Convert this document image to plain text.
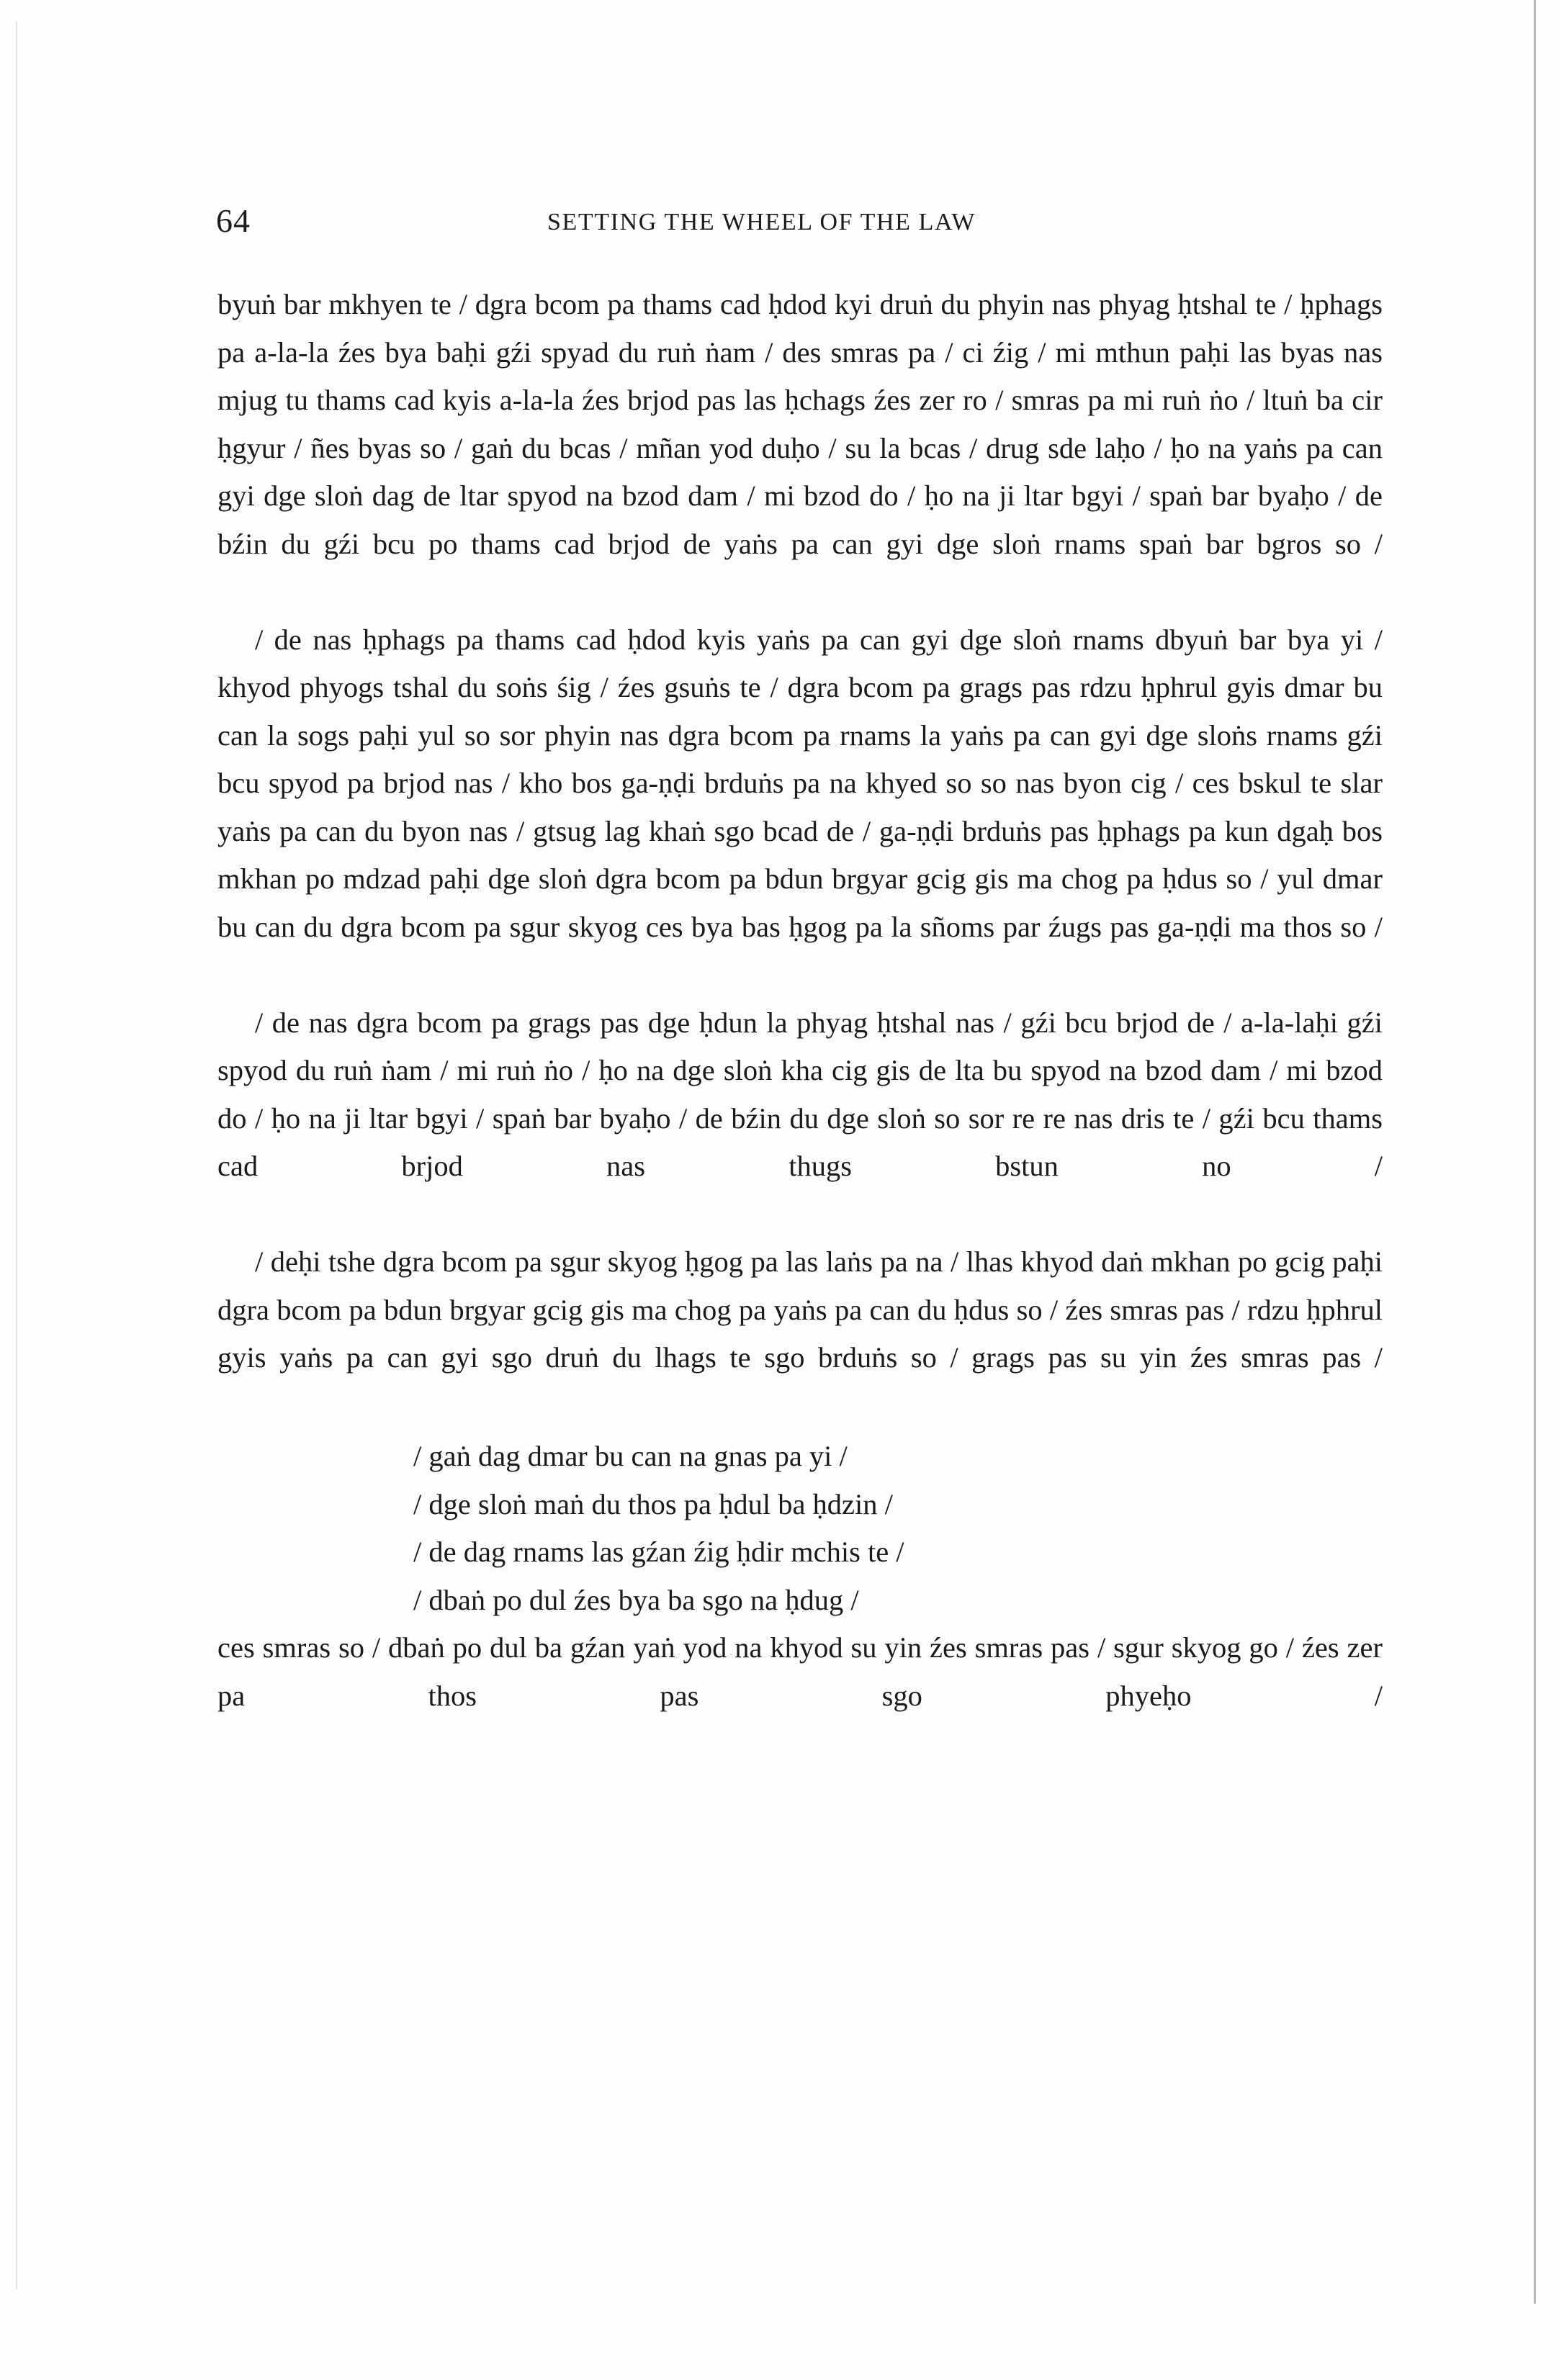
64	SETTING THE WHEEL OF THE LAW

byuṅ bar mkhyen te / dgra bcom pa thams cad ḥdod kyi druṅ du phyin nas phyag ḥtshal te / ḥphags pa a-la-la źes bya baḥi gźi spyad du ruṅ ṅam / des smras pa / ci źig / mi mthun paḥi las byas nas mjug tu thams cad kyis a-la-la źes brjod pas las ḥchags źes zer ro / smras pa mi ruṅ ṅo / ltuṅ ba cir ḥgyur / ñes byas so / gaṅ du bcas / mñan yod duḥo / su la bcas / drug sde laḥo / ḥo na yaṅs pa can gyi dge sloṅ dag de ltar spyod na bzod dam / mi bzod do / ḥo na ji ltar bgyi / spaṅ bar byaḥo / de bźin du gźi bcu po thams cad brjod de yaṅs pa can gyi dge sloṅ rnams spaṅ bar bgros so /

/ de nas ḥphags pa thams cad ḥdod kyis yaṅs pa can gyi dge sloṅ rnams dbyuṅ bar bya yi / khyod phyogs tshal du soṅs śig / źes gsuṅs te / dgra bcom pa grags pas rdzu ḥphrul gyis dmar bu can la sogs paḥi yul so sor phyin nas dgra bcom pa rnams la yaṅs pa can gyi dge sloṅs rnams gźi bcu spyod pa brjod nas / kho bos ga-ṇḍi brduṅs pa na khyed so so nas byon cig / ces bskul te slar yaṅs pa can du byon nas / gtsug lag khaṅ sgo bcad de / ga-ṇḍi brduṅs pas ḥphags pa kun dgaḥ bos mkhan po mdzad paḥi dge sloṅ dgra bcom pa bdun brgyar gcig gis ma chog pa ḥdus so / yul dmar bu can du dgra bcom pa sgur skyog ces bya bas ḥgog pa la sñoms par źugs pas ga-ṇḍi ma thos so /

/ de nas dgra bcom pa grags pas dge ḥdun la phyag ḥtshal nas / gźi bcu brjod de / a-la-laḥi gźi spyod du ruṅ ṅam / mi ruṅ ṅo / ḥo na dge sloṅ kha cig gis de lta bu spyod na bzod dam / mi bzod do / ḥo na ji ltar bgyi / spaṅ bar byaḥo / de bźin du dge sloṅ so sor re re nas dris te / gźi bcu thams cad brjod nas thugs bstun no /

/ deḥi tshe dgra bcom pa sgur skyog ḥgog pa las laṅs pa na / lhas khyod daṅ mkhan po gcig paḥi dgra bcom pa bdun brgyar gcig gis ma chog pa yaṅs pa can du ḥdus so / źes smras pas / rdzu ḥphrul gyis yaṅs pa can gyi sgo druṅ du lhags te sgo brduṅs so / grags pas su yin źes smras pas /

/ gaṅ dag dmar bu can na gnas pa yi /
/ dge sloṅ maṅ du thos pa ḥdul ba ḥdzin /
/ de dag rnams las gźan źig ḥdir mchis te /
/ dbaṅ po dul źes bya ba sgo na ḥdug /

ces smras so / dbaṅ po dul ba gźan yaṅ yod na khyod su yin źes smras pas / sgur skyog go / źes zer pa thos pas sgo phyeḥo /
